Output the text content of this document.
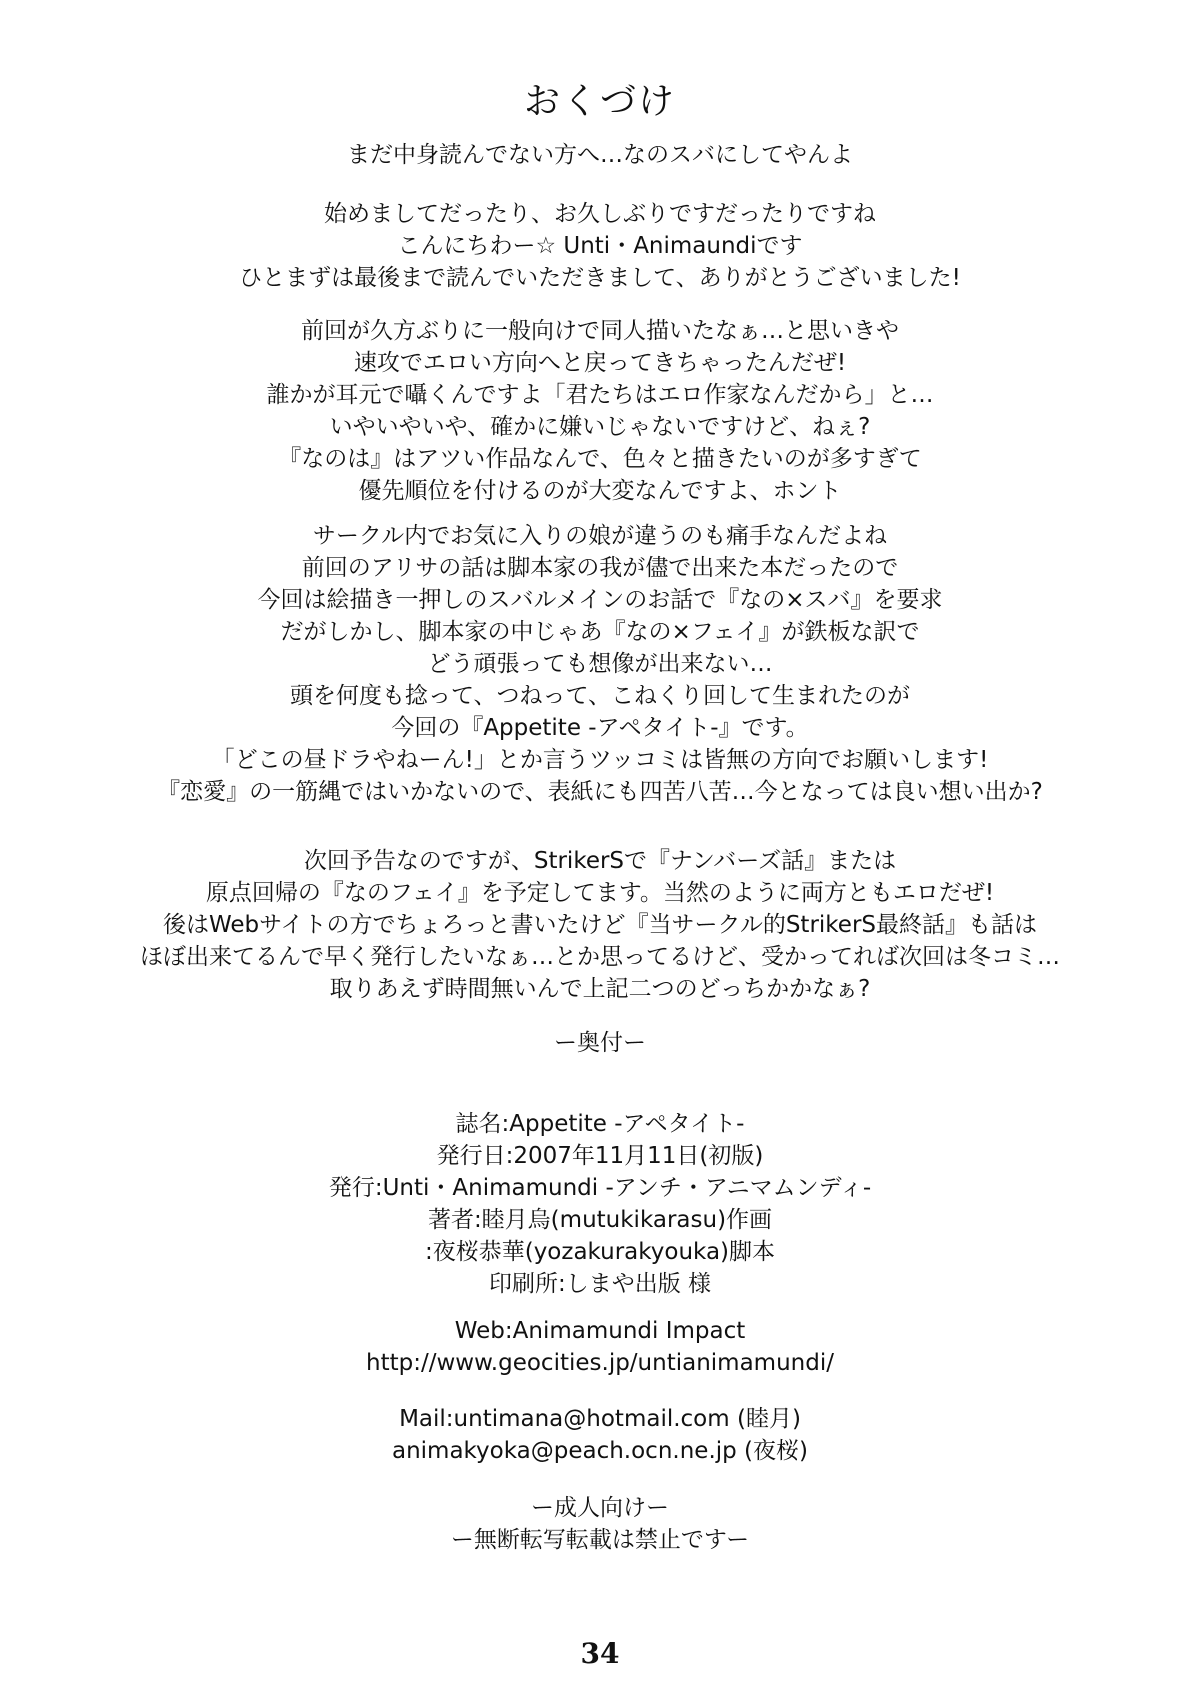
おくづけ
まだ中身読んでない方へ…なのスバにしてやんよ
始めましてだったり、お久しぶりですだったりですね
こんにちわー☆ Unti・Animaundiです
ひとまずは最後まで読んでいただきまして、ありがとうございました!
前回が久方ぶりに一般向けで同人描いたなぁ…と思いきや
速攻でエロい方向へと戻ってきちゃったんだぜ!
誰かが耳元で囁くんですよ「君たちはエロ作家なんだから」と…
いやいやいや、確かに嫌いじゃないですけど、ねぇ?
『なのは』はアツい作品なんで、色々と描きたいのが多すぎて
優先順位を付けるのが大変なんですよ、ホント
サークル内でお気に入りの娘が違うのも痛手なんだよね
前回のアリサの話は脚本家の我が儘で出来た本だったので
今回は絵描き一押しのスバルメインのお話で『なの×スバ』を要求
だがしかし、脚本家の中じゃあ『なの×フェイ』が鉄板な訳で
どう頑張っても想像が出来ない…
頭を何度も捻って、つねって、こねくり回して生まれたのが
今回の『Appetite -アペタイト-』です。
「どこの昼ドラやねーん!」とか言うツッコミは皆無の方向でお願いします!
『恋愛』の一筋縄ではいかないので、表紙にも四苦八苦…今となっては良い想い出か?
次回予告なのですが、StrikerSで『ナンバーズ話』または
原点回帰の『なのフェイ』を予定してます。当然のように両方ともエロだぜ!
後はWebサイトの方でちょろっと書いたけど『当サークル的StrikerS最終話』も話は
ほぼ出来てるんで早く発行したいなぁ…とか思ってるけど、受かってれば次回は冬コミ…
取りあえず時間無いんで上記二つのどっちかかなぁ?
ー奥付ー
誌名:Appetite -アペタイト-
発行日:2007年11月11日(初版)
発行:Unti・Animamundi -アンチ・アニマムンディ-
著者:睦月烏(mutukikarasu)作画
:夜桜恭華(yozakurakyouka)脚本
印刷所:しまや出版 様
Web:Animamundi Impact
http://www.geocities.jp/untianimamundi/
Mail:untimana@hotmail.com (睦月)
animakyoka@peach.ocn.ne.jp (夜桜)
ー成人向けー
ー無断転写転載は禁止ですー
34
